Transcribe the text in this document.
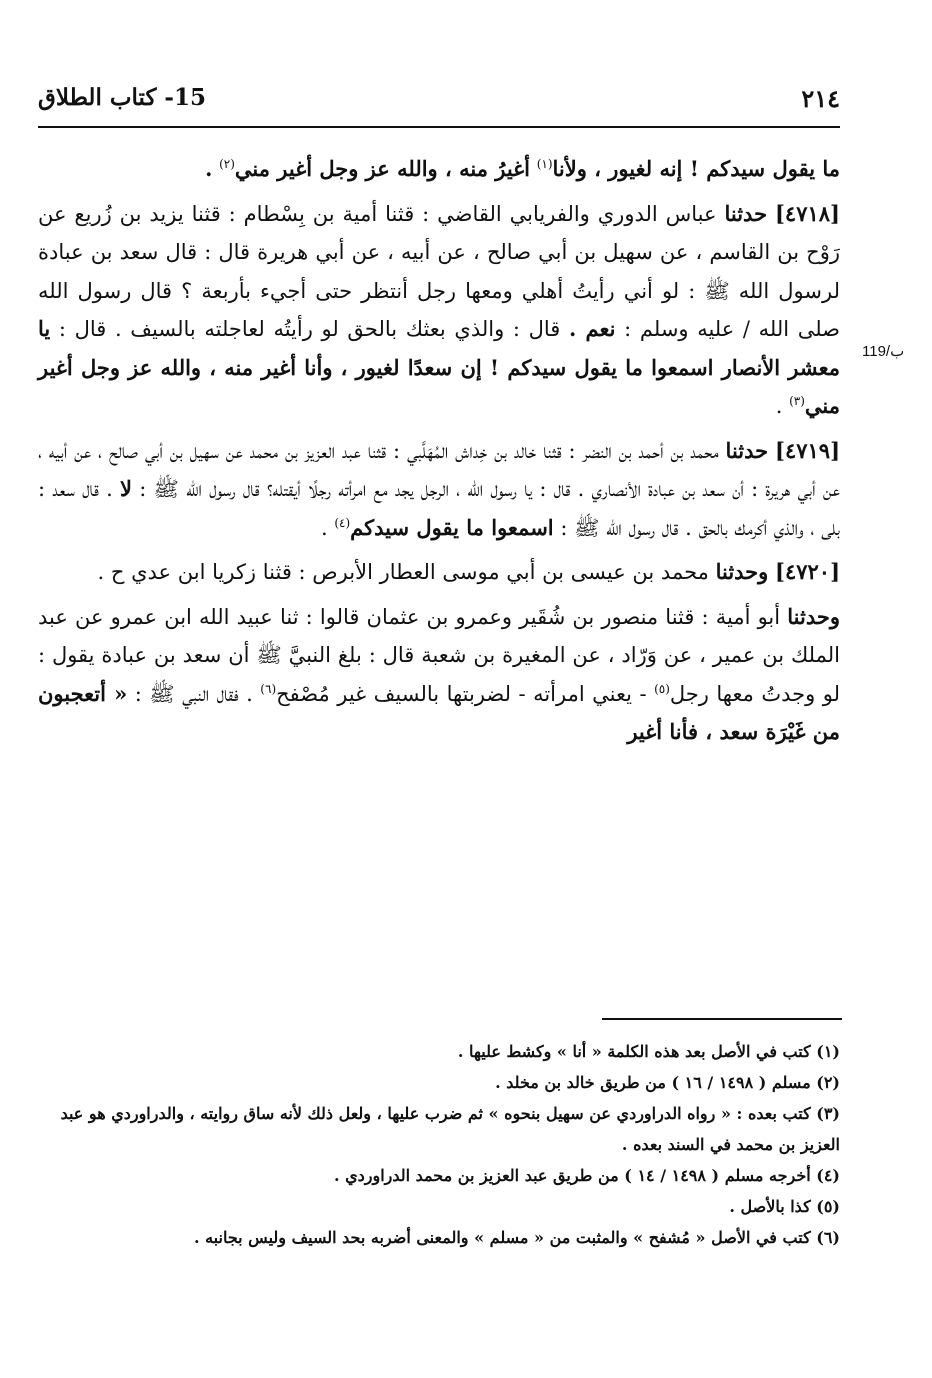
٢١٤
15- كتاب الطلاق
119/ب

ما يقول سيدكم ! إنه لغيور ، ولأنا$^{(١)}$ أغيرُ منه ، والله عز وجل أغير مني$^{(٢)}$ .

[٤٧١٨] حدثنا عباس الدوري والفريابي القاضي : قثنا أمية بن بِسْطام : قثنا يزيد بن زُريع عن رَوْح بن القاسم ، عن سهيل بن أبي صالح ، عن أبيه ، عن أبي هريرة قال : قال سعد بن عبادة لرسول الله ﷺ : لو أني رأيتُ أهلي ومعها رجل أنتظر حتى أجيء بأربعة ؟ قال رسول الله صلى الله / عليه وسلم : نعم . قال : والذي بعثك بالحق لو رأيتُه لعاجلته بالسيف . قال : يا معشر الأنصار اسمعوا ما يقول سيدكم ! إن سعدًا لغيور ، وأنا أغير منه ، والله عز وجل أغير مني$^{(٣)}$ .

[٤٧١٩] حدثنا محمد بن أحمد بن النضر : قثنا خالد بن خِداش المُهَلَّبي : قثنا عبد العزيز بن محمد عن سهيل بن أبي صالح ، عن أبيه ، عن أبي هريرة : أن سعد بن عبادة الأنصاري . قال : يا رسول الله ، الرجل يجد مع امرأته رجلًا أيقتله؟ قال رسول الله ﷺ : لا . قال سعد : بلى ، والذي أكرمك بالحق . قال رسول الله ﷺ : اسمعوا ما يقول سيدكم$^{(٤)}$ .

[٤٧٢٠] وحدثنا محمد بن عيسى بن أبي موسى العطار الأبرص : قثنا زكريا ابن عدي ح .

وحدثنا أبو أمية : قثنا منصور بن شُقَير وعمرو بن عثمان قالوا : ثنا عبيد الله ابن عمرو عن عبد الملك بن عمير ، عن وَرّاد ، عن المغيرة بن شعبة قال : بلغ النبيَّ ﷺ أن سعد بن عبادة يقول : لو وجدتُ معها رجل$^{(٥)}$ - يعني امرأته - لضربتها بالسيف غير مُصْفح$^{(٦)}$ . فقال النبي ﷺ : « أتعجبون من غَيْرَة سعد ، فأنا أغير

(١) كتب في الأصل بعد هذه الكلمة « أنا » وكشط عليها .

(٢) مسلم ( ١٤٩٨ / ١٦ ) من طريق خالد بن مخلد .

(٣) كتب بعده : « رواه الدراوردي عن سهيل بنحوه » ثم ضرب عليها ، ولعل ذلك لأنه ساق روايته ، والدراوردي هو عبد العزيز بن محمد في السند بعده .

(٤) أخرجه مسلم ( ١٤٩٨ / ١٤ ) من طريق عبد العزيز بن محمد الدراوردي .

(٥) كذا بالأصل .

(٦) كتب في الأصل « مُشفح » والمثبت من « مسلم » والمعنى أضربه بحد السيف وليس بجانبه .
